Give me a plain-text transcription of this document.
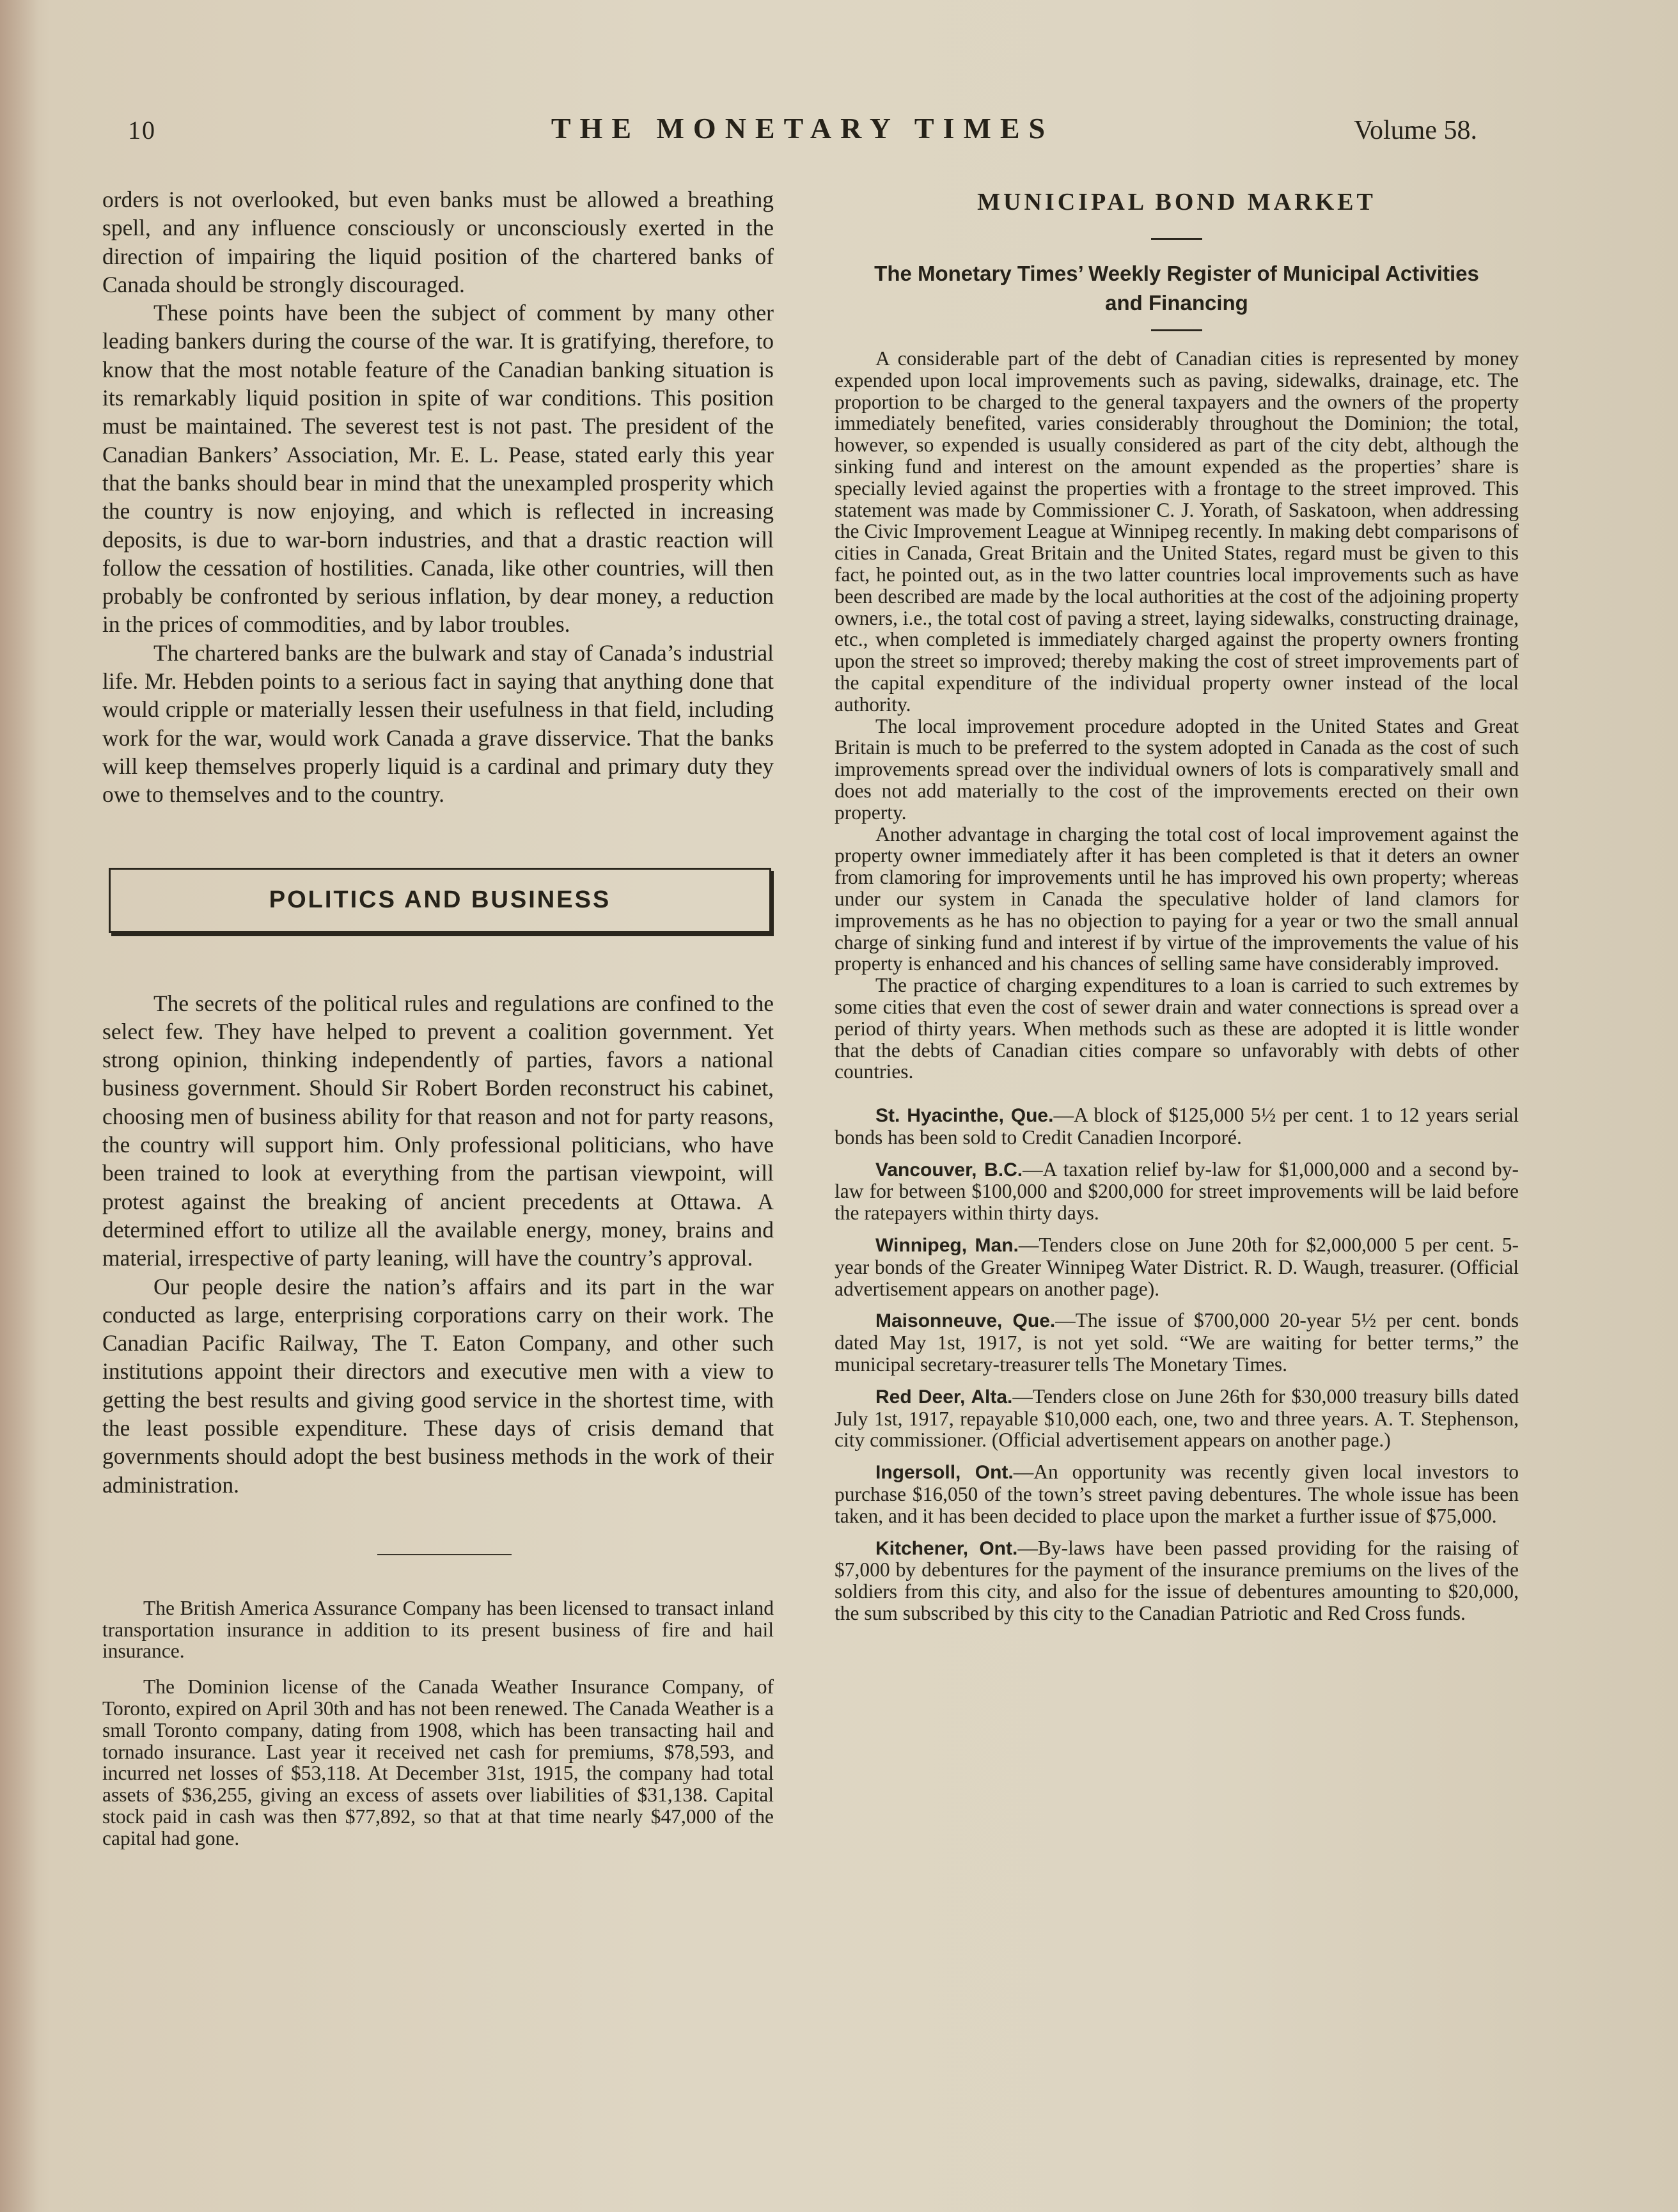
10	THE MONETARY TIMES	Volume 58.

orders is not overlooked, but even banks must be allowed a breathing spell, and any influence consciously or unconsciously exerted in the direction of impairing the liquid position of the chartered banks of Canada should be strongly discouraged.

These points have been the subject of comment by many other leading bankers during the course of the war. It is gratifying, therefore, to know that the most notable feature of the Canadian banking situation is its remarkably liquid position in spite of war conditions. This position must be maintained. The severest test is not past. The president of the Canadian Bankers’ Association, Mr. E. L. Pease, stated early this year that the banks should bear in mind that the unexampled prosperity which the country is now enjoying, and which is reflected in increasing deposits, is due to war-born industries, and that a drastic reaction will follow the cessation of hostilities. Canada, like other countries, will then probably be confronted by serious inflation, by dear money, a reduction in the prices of commodities, and by labor troubles.

The chartered banks are the bulwark and stay of Canada’s industrial life. Mr. Hebden points to a serious fact in saying that anything done that would cripple or materially lessen their usefulness in that field, including work for the war, would work Canada a grave disservice. That the banks will keep themselves properly liquid is a cardinal and primary duty they owe to themselves and to the country.

POLITICS AND BUSINESS

The secrets of the political rules and regulations are confined to the select few. They have helped to prevent a coalition government. Yet strong opinion, thinking independently of parties, favors a national business government. Should Sir Robert Borden reconstruct his cabinet, choosing men of business ability for that reason and not for party reasons, the country will support him. Only professional politicians, who have been trained to look at everything from the partisan viewpoint, will protest against the breaking of ancient precedents at Ottawa. A determined effort to utilize all the available energy, money, brains and material, irrespective of party leaning, will have the country’s approval.

Our people desire the nation’s affairs and its part in the war conducted as large, enterprising corporations carry on their work. The Canadian Pacific Railway, The T. Eaton Company, and other such institutions appoint their directors and executive men with a view to getting the best results and giving good service in the shortest time, with the least possible expenditure. These days of crisis demand that governments should adopt the best business methods in the work of their administration.

The British America Assurance Company has been licensed to transact inland transportation insurance in addition to its present business of fire and hail insurance.

The Dominion license of the Canada Weather Insurance Company, of Toronto, expired on April 30th and has not been renewed. The Canada Weather is a small Toronto company, dating from 1908, which has been transacting hail and tornado insurance. Last year it received net cash for premiums, $78,593, and incurred net losses of $53,118. At December 31st, 1915, the company had total assets of $36,255, giving an excess of assets over liabilities of $31,138. Capital stock paid in cash was then $77,892, so that at that time nearly $47,000 of the capital had gone.

MUNICIPAL BOND MARKET
The Monetary Times’ Weekly Register of Municipal Activities and Financing

A considerable part of the debt of Canadian cities is represented by money expended upon local improvements such as paving, sidewalks, drainage, etc. The proportion to be charged to the general taxpayers and the owners of the property immediately benefited, varies considerably throughout the Dominion; the total, however, so expended is usually considered as part of the city debt, although the sinking fund and interest on the amount expended as the properties’ share is specially levied against the properties with a frontage to the street improved. This statement was made by Commissioner C. J. Yorath, of Saskatoon, when addressing the Civic Improvement League at Winnipeg recently. In making debt comparisons of cities in Canada, Great Britain and the United States, regard must be given to this fact, he pointed out, as in the two latter countries local improvements such as have been described are made by the local authorities at the cost of the adjoining property owners, i.e., the total cost of paving a street, laying sidewalks, constructing drainage, etc., when completed is immediately charged against the property owners fronting upon the street so improved; thereby making the cost of street improvements part of the capital expenditure of the individual property owner instead of the local authority.

The local improvement procedure adopted in the United States and Great Britain is much to be preferred to the system adopted in Canada as the cost of such improvements spread over the individual owners of lots is comparatively small and does not add materially to the cost of the improvements erected on their own property.

Another advantage in charging the total cost of local improvement against the property owner immediately after it has been completed is that it deters an owner from clamoring for improvements until he has improved his own property; whereas under our system in Canada the speculative holder of land clamors for improvements as he has no objection to paying for a year or two the small annual charge of sinking fund and interest if by virtue of the improvements the value of his property is enhanced and his chances of selling same have considerably improved.

The practice of charging expenditures to a loan is carried to such extremes by some cities that even the cost of sewer drain and water connections is spread over a period of thirty years. When methods such as these are adopted it is little wonder that the debts of Canadian cities compare so unfavorably with debts of other countries.

St. Hyacinthe, Que.—A block of $125,000 5½ per cent. 1 to 12 years serial bonds has been sold to Credit Canadien Incorporé.

Vancouver, B.C.—A taxation relief by-law for $1,000,000 and a second by-law for between $100,000 and $200,000 for street improvements will be laid before the ratepayers within thirty days.

Winnipeg, Man.—Tenders close on June 20th for $2,000,000 5 per cent. 5-year bonds of the Greater Winnipeg Water District. R. D. Waugh, treasurer. (Official advertisement appears on another page).

Maisonneuve, Que.—The issue of $700,000 20-year 5½ per cent. bonds dated May 1st, 1917, is not yet sold. “We are waiting for better terms,” the municipal secretary-treasurer tells The Monetary Times.

Red Deer, Alta.—Tenders close on June 26th for $30,000 treasury bills dated July 1st, 1917, repayable $10,000 each, one, two and three years. A. T. Stephenson, city commissioner. (Official advertisement appears on another page.)

Ingersoll, Ont.—An opportunity was recently given local investors to purchase $16,050 of the town’s street paving debentures. The whole issue has been taken, and it has been decided to place upon the market a further issue of $75,000.

Kitchener, Ont.—By-laws have been passed providing for the raising of $7,000 by debentures for the payment of the insurance premiums on the lives of the soldiers from this city, and also for the issue of debentures amounting to $20,000, the sum subscribed by this city to the Canadian Patriotic and Red Cross funds.
